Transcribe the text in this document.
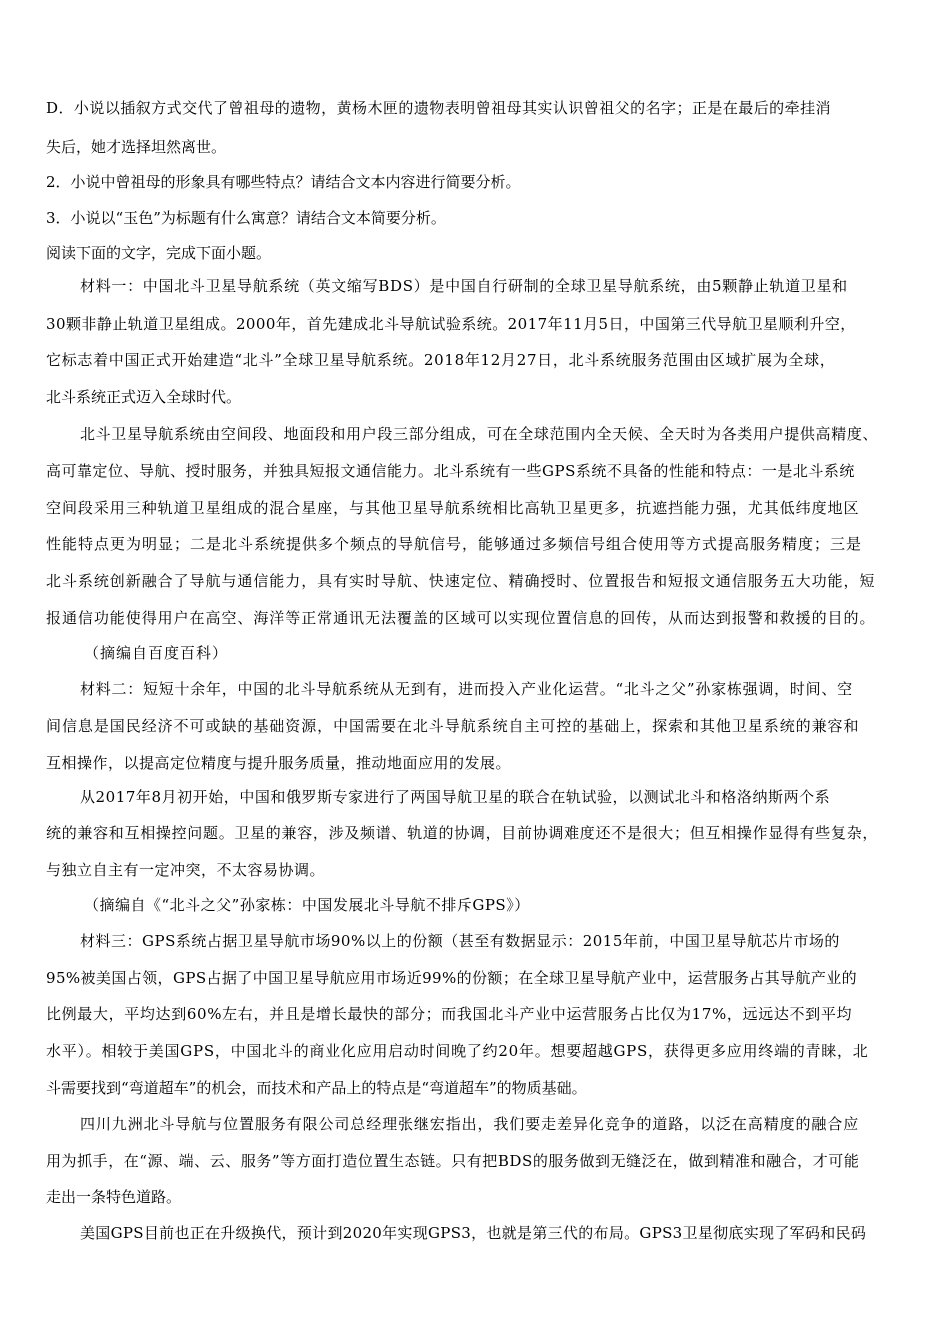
D．小说以插叙方式交代了曾祖母的遗物，黄杨木匣的遗物表明曾祖母其实认识曾祖父的名字；正是在最后的牵挂消
失后，她才选择坦然离世。
2．小说中曾祖母的形象具有哪些特点？请结合文本内容进行简要分析。
3．小说以“玉色”为标题有什么寓意？请结合文本简要分析。
阅读下面的文字，完成下面小题。
材料一：中国北斗卫星导航系统（英文缩写BDS）是中国自行研制的全球卫星导航系统，由5颗静止轨道卫星和
30颗非静止轨道卫星组成。2000年，首先建成北斗导航试验系统。2017年11月5日，中国第三代导航卫星顺利升空，
它标志着中国正式开始建造“北斗”全球卫星导航系统。2018年12月27日，北斗系统服务范围由区域扩展为全球，
北斗系统正式迈入全球时代。
北斗卫星导航系统由空间段、地面段和用户段三部分组成，可在全球范围内全天候、全天时为各类用户提供高精度、
高可靠定位、导航、授时服务，并独具短报文通信能力。北斗系统有一些GPS系统不具备的性能和特点：一是北斗系统
空间段采用三种轨道卫星组成的混合星座，与其他卫星导航系统相比高轨卫星更多，抗遮挡能力强，尤其低纬度地区
性能特点更为明显；二是北斗系统提供多个频点的导航信号，能够通过多频信号组合使用等方式提高服务精度；三是
北斗系统创新融合了导航与通信能力，具有实时导航、快速定位、精确授时、位置报告和短报文通信服务五大功能，短
报通信功能使得用户在高空、海洋等正常通讯无法覆盖的区域可以实现位置信息的回传，从而达到报警和救援的目的。
（摘编自百度百科）
材料二：短短十余年，中国的北斗导航系统从无到有，进而投入产业化运营。“北斗之父”孙家栋强调，时间、空
间信息是国民经济不可或缺的基础资源，中国需要在北斗导航系统自主可控的基础上，探索和其他卫星系统的兼容和
互相操作，以提高定位精度与提升服务质量，推动地面应用的发展。
从2017年8月初开始，中国和俄罗斯专家进行了两国导航卫星的联合在轨试验，以测试北斗和格洛纳斯两个系
统的兼容和互相操控问题。卫星的兼容，涉及频谱、轨道的协调，目前协调难度还不是很大；但互相操作显得有些复杂，
与独立自主有一定冲突，不太容易协调。
（摘编自《“北斗之父”孙家栋：中国发展北斗导航不排斥GPS》）
材料三：GPS系统占据卫星导航市场90%以上的份额（甚至有数据显示：2015年前，中国卫星导航芯片市场的
95%被美国占领，GPS占据了中国卫星导航应用市场近99%的份额；在全球卫星导航产业中，运营服务占其导航产业的
比例最大，平均达到60%左右，并且是增长最快的部分；而我国北斗产业中运营服务占比仅为17%，远远达不到平均
水平）。相较于美国GPS，中国北斗的商业化应用启动时间晚了约20年。想要超越GPS，获得更多应用终端的青睐，北
斗需要找到“弯道超车”的机会，而技术和产品上的特点是“弯道超车”的物质基础。
四川九洲北斗导航与位置服务有限公司总经理张继宏指出，我们要走差异化竞争的道路，以泛在高精度的融合应
用为抓手，在“源、端、云、服务”等方面打造位置生态链。只有把BDS的服务做到无缝泛在，做到精准和融合，才可能
走出一条特色道路。
美国GPS目前也正在升级换代，预计到2020年实现GPS3，也就是第三代的布局。GPS3卫星彻底实现了军码和民码
